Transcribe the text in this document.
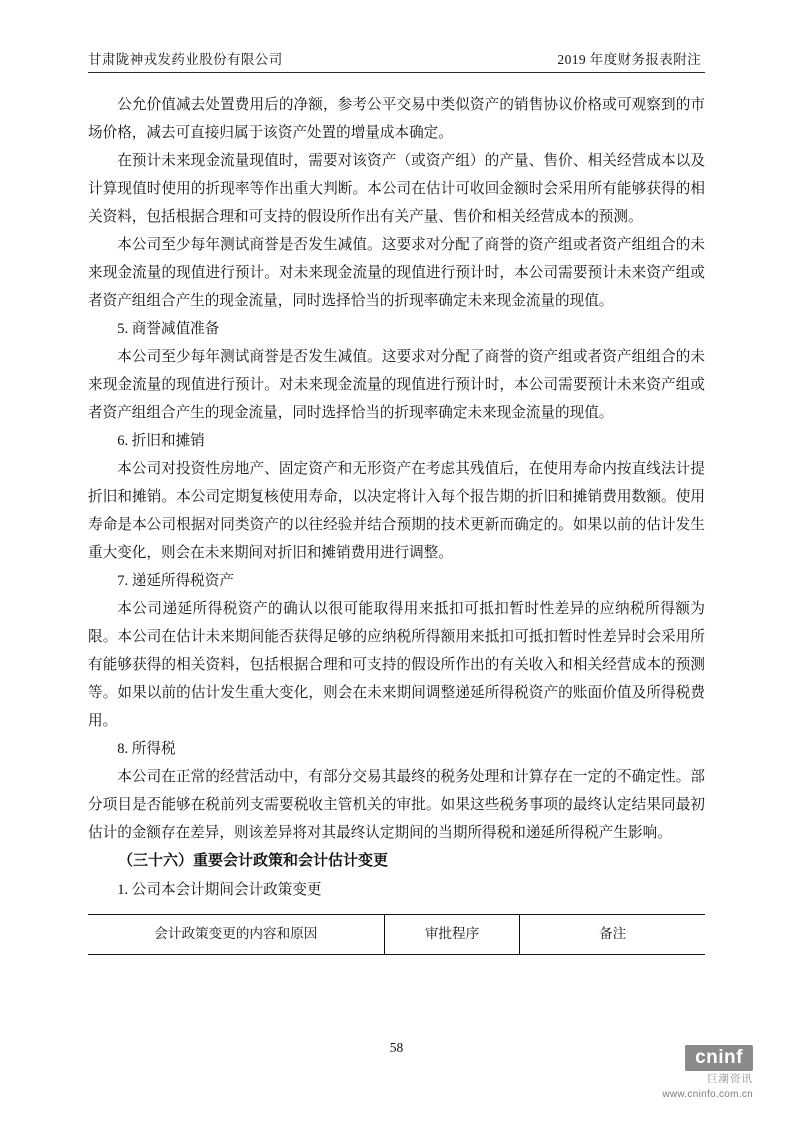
甘肃陇神戎发药业股份有限公司	2019 年度财务报表附注

公允价值减去处置费用后的净额，参考公平交易中类似资产的销售协议价格或可观察到的市场价格，减去可直接归属于该资产处置的增量成本确定。

在预计未来现金流量现值时，需要对该资产（或资产组）的产量、售价、相关经营成本以及计算现值时使用的折现率等作出重大判断。本公司在估计可收回金额时会采用所有能够获得的相关资料，包括根据合理和可支持的假设所作出有关产量、售价和相关经营成本的预测。

本公司至少每年测试商誉是否发生减值。这要求对分配了商誉的资产组或者资产组组合的未来现金流量的现值进行预计。对未来现金流量的现值进行预计时，本公司需要预计未来资产组或者资产组组合产生的现金流量，同时选择恰当的折现率确定未来现金流量的现值。

5. 商誉减值准备

本公司至少每年测试商誉是否发生减值。这要求对分配了商誉的资产组或者资产组组合的未来现金流量的现值进行预计。对未来现金流量的现值进行预计时，本公司需要预计未来资产组或者资产组组合产生的现金流量，同时选择恰当的折现率确定未来现金流量的现值。

6. 折旧和摊销

本公司对投资性房地产、固定资产和无形资产在考虑其残值后，在使用寿命内按直线法计提折旧和摊销。本公司定期复核使用寿命，以决定将计入每个报告期的折旧和摊销费用数额。使用寿命是本公司根据对同类资产的以往经验并结合预期的技术更新而确定的。如果以前的估计发生重大变化，则会在未来期间对折旧和摊销费用进行调整。

7. 递延所得税资产

本公司递延所得税资产的确认以很可能取得用来抵扣可抵扣暂时性差异的应纳税所得额为限。本公司在估计未来期间能否获得足够的应纳税所得额用来抵扣可抵扣暂时性差异时会采用所有能够获得的相关资料，包括根据合理和可支持的假设所作出的有关收入和相关经营成本的预测等。如果以前的估计发生重大变化，则会在未来期间调整递延所得税资产的账面价值及所得税费用。

8. 所得税

本公司在正常的经营活动中，有部分交易其最终的税务处理和计算存在一定的不确定性。部分项目是否能够在税前列支需要税收主管机关的审批。如果这些税务事项的最终认定结果同最初估计的金额存在差异，则该差异将对其最终认定期间的当期所得税和递延所得税产生影响。

（三十六）重要会计政策和会计估计变更

1. 公司本会计期间会计政策变更

会计政策变更的内容和原因	审批程序	备注
58	cninf
巨潮资讯
www.cninfo.com.cn
